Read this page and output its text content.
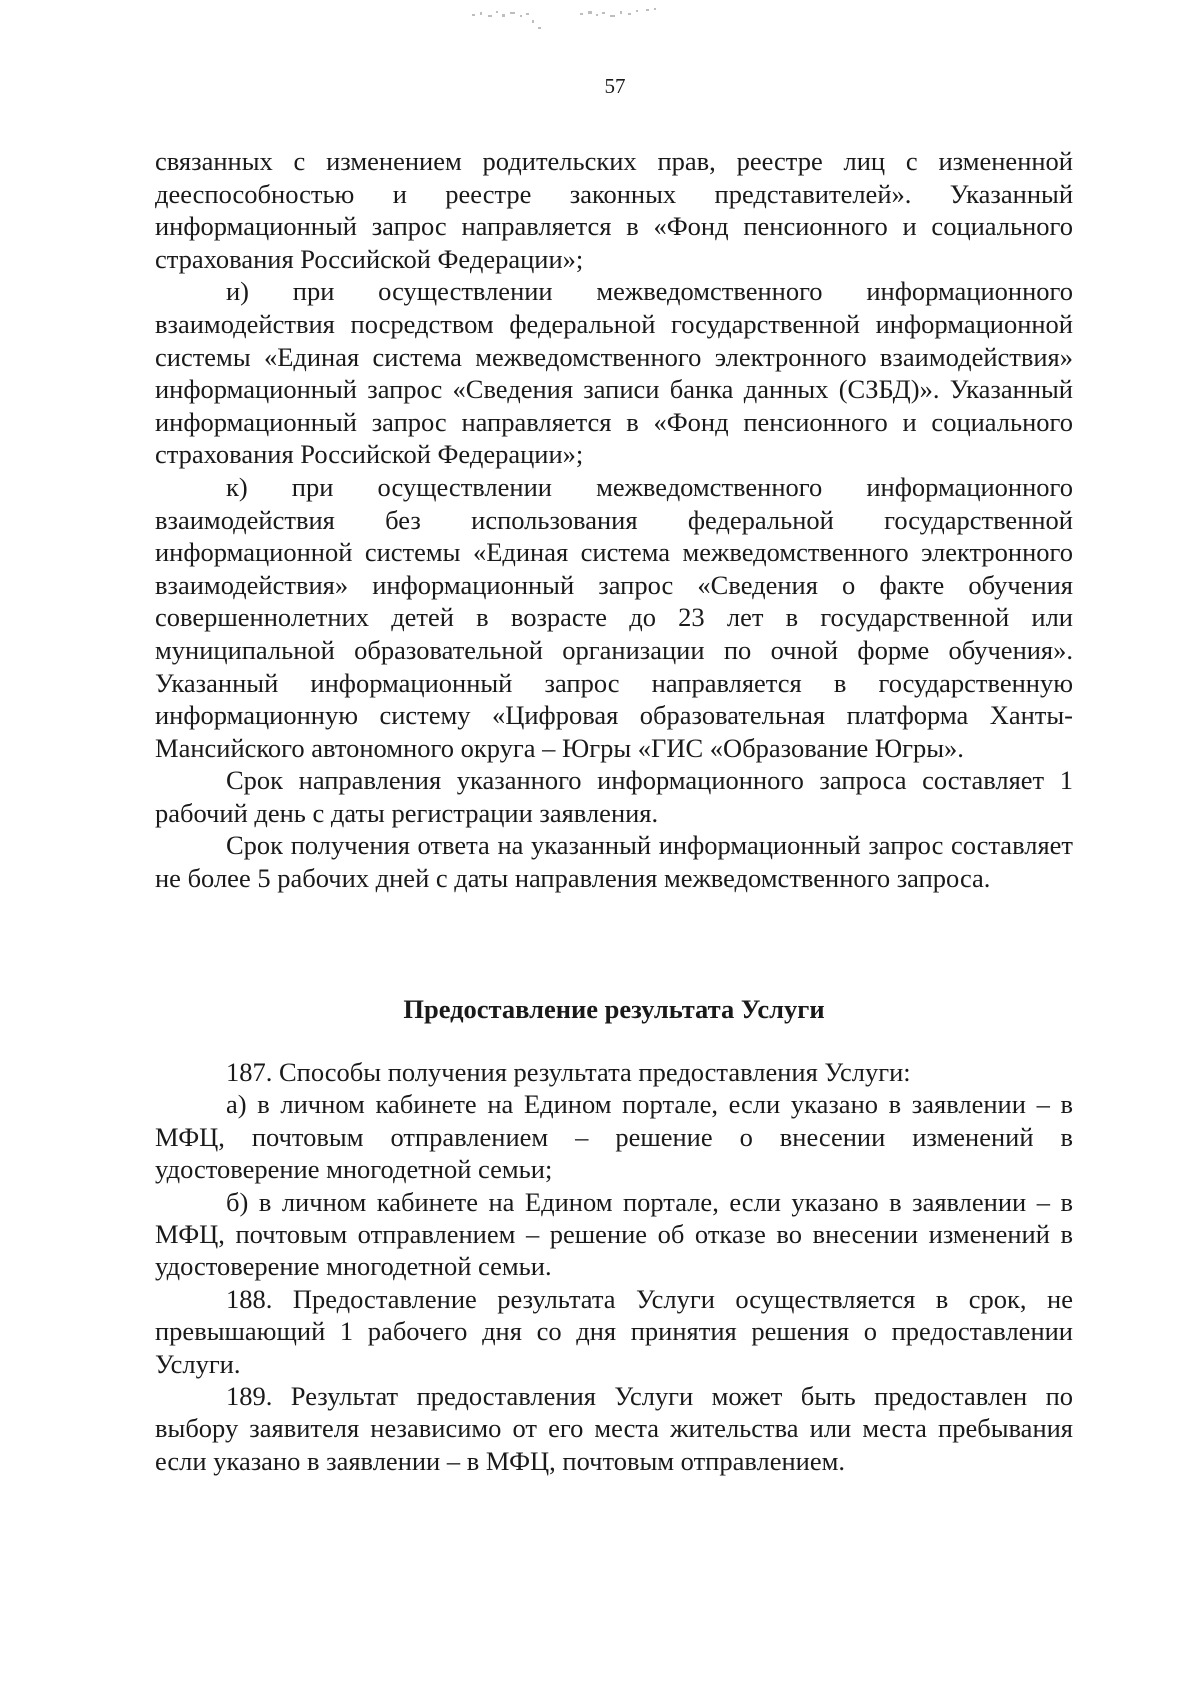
57

связанных с изменением родительских прав, реестре лиц с измененной дееспособностью и реестре законных представителей». Указанный информационный запрос направляется в «Фонд пенсионного и социального страхования Российской Федерации»;

и) при осуществлении межведомственного информационного взаимодействия посредством федеральной государственной информационной системы «Единая система межведомственного электронного взаимодействия» информационный запрос «Сведения записи банка данных (СЗБД)». Указанный информационный запрос направляется в «Фонд пенсионного и социального страхования Российской Федерации»;

к) при осуществлении межведомственного информационного взаимодействия без использования федеральной государственной информационной системы «Единая система межведомственного электронного взаимодействия» информационный запрос «Сведения о факте обучения совершеннолетних детей в возрасте до 23 лет в государственной или муниципальной образовательной организации по очной форме обучения». Указанный информационный запрос направляется в государственную информационную систему «Цифровая образовательная платформа Ханты-Мансийского автономного округа – Югры «ГИС «Образование Югры».

Срок направления указанного информационного запроса составляет 1 рабочий день с даты регистрации заявления.

Срок получения ответа на указанный информационный запрос составляет не более 5 рабочих дней с даты направления межведомственного запроса.

Предоставление результата Услуги

187. Способы получения результата предоставления Услуги:

а) в личном кабинете на Едином портале, если указано в заявлении – в МФЦ, почтовым отправлением – решение о внесении изменений в удостоверение многодетной семьи;

б) в личном кабинете на Едином портале, если указано в заявлении – в МФЦ, почтовым отправлением – решение об отказе во внесении изменений в удостоверение многодетной семьи.

188. Предоставление результата Услуги осуществляется в срок, не превышающий 1 рабочего дня со дня принятия решения о предоставлении Услуги.

189. Результат предоставления Услуги может быть предоставлен по выбору заявителя независимо от его места жительства или места пребывания если указано в заявлении – в МФЦ, почтовым отправлением.
